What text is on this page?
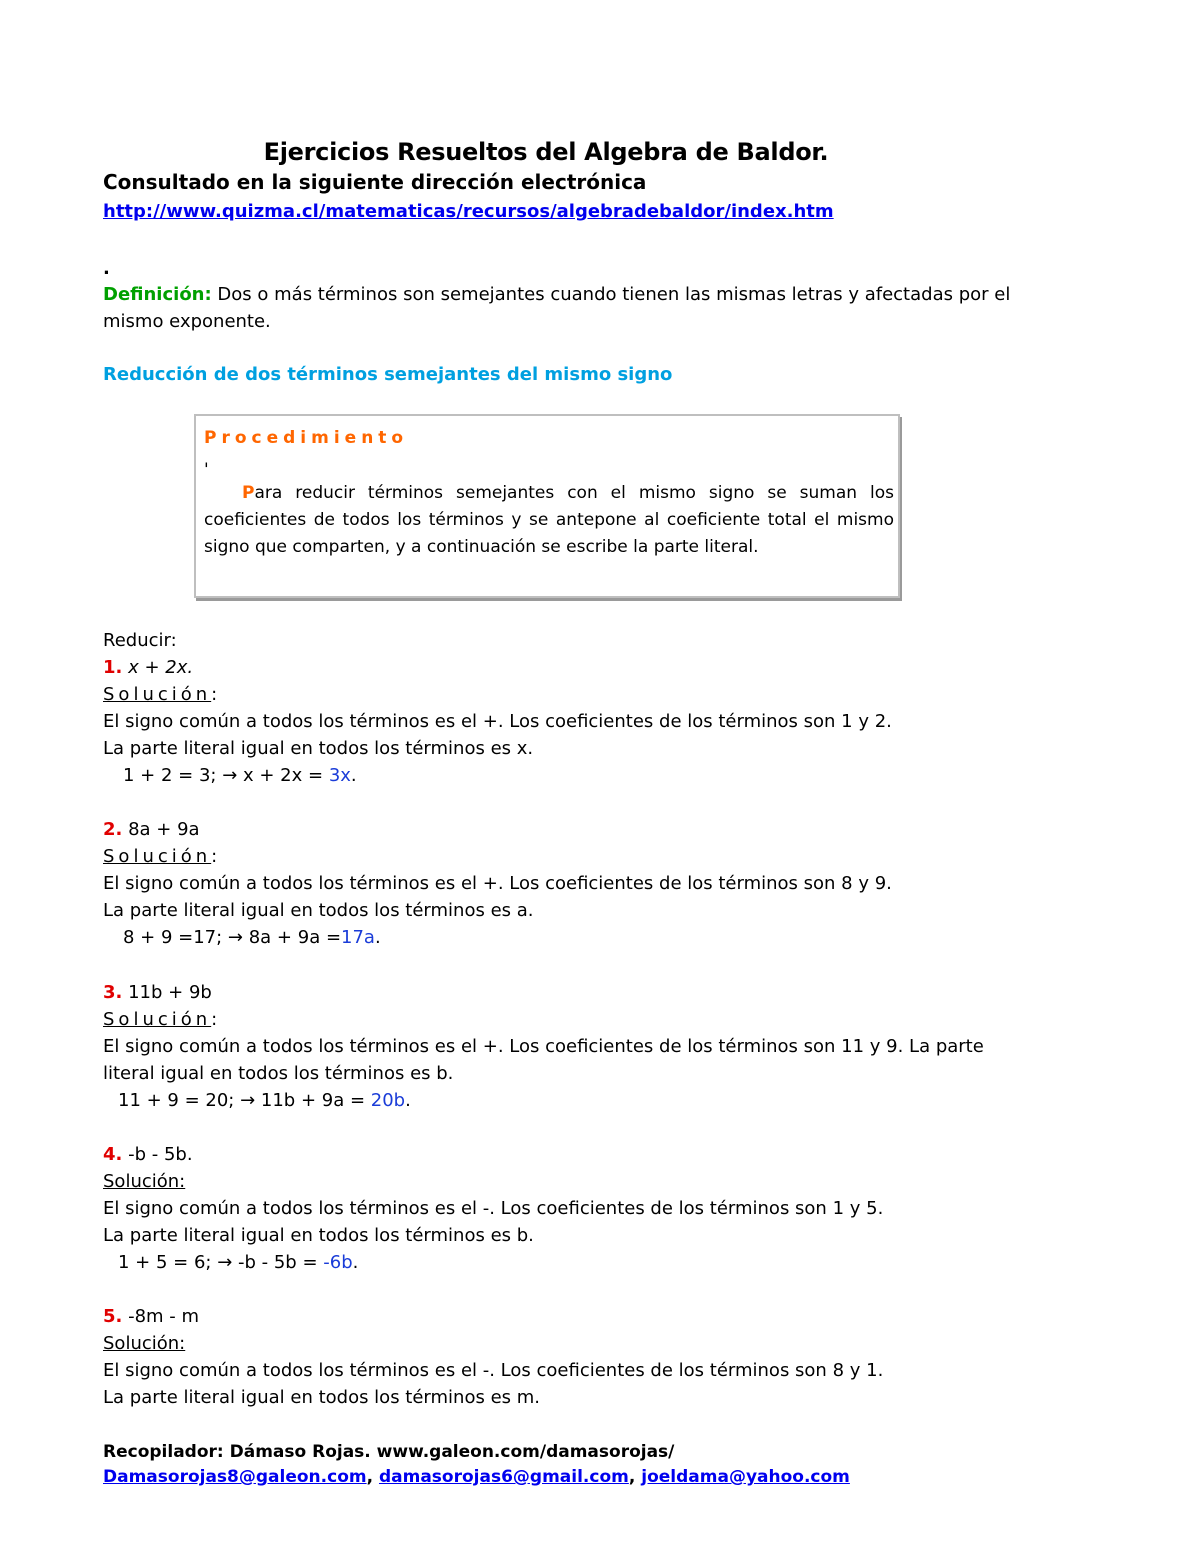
Ejercicios Resueltos del Algebra de Baldor.
Consultado en la siguiente dirección electrónica
http://www.quizma.cl/matematicas/recursos/algebradebaldor/index.htm
.
Definición: Dos o más términos son semejantes cuando tienen las mismas letras y afectadas por el
mismo exponente.
Reducción de dos términos semejantes del mismo signo
Procedimiento
'
Para reducir términos semejantes con el mismo signo se suman los coeficientes de todos los términos y se antepone al coeficiente total el mismo signo que comparten, y a continuación se escribe la parte literal.
Reducir:
1. x + 2x.
Solución:
El signo común a todos los términos es el +. Los coeficientes de los términos son 1 y 2.
La parte literal igual en todos los términos es x.
1 + 2 = 3; → x + 2x = 3x.
2. 8a + 9a
Solución:
El signo común a todos los términos es el +. Los coeficientes de los términos son 8 y 9.
La parte literal igual en todos los términos es a.
8 + 9 =17; → 8a + 9a =17a.
3. 11b + 9b
Solución:
El signo común a todos los términos es el +. Los coeficientes de los términos son 11 y 9. La parte
literal igual en todos los términos es b.
11 + 9 = 20; → 11b + 9a = 20b.
4. -b - 5b.
Solución:
El signo común a todos los términos es el -. Los coeficientes de los términos son 1 y 5.
La parte literal igual en todos los términos es b.
1 + 5 = 6; → -b - 5b = -6b.
5. -8m - m
Solución:
El signo común a todos los términos es el -. Los coeficientes de los términos son 8 y 1.
La parte literal igual en todos los términos es m.
Recopilador: Dámaso Rojas. www.galeon.com/damasorojas/
Damasorojas8@galeon.com, damasorojas6@gmail.com, joeldama@yahoo.com
